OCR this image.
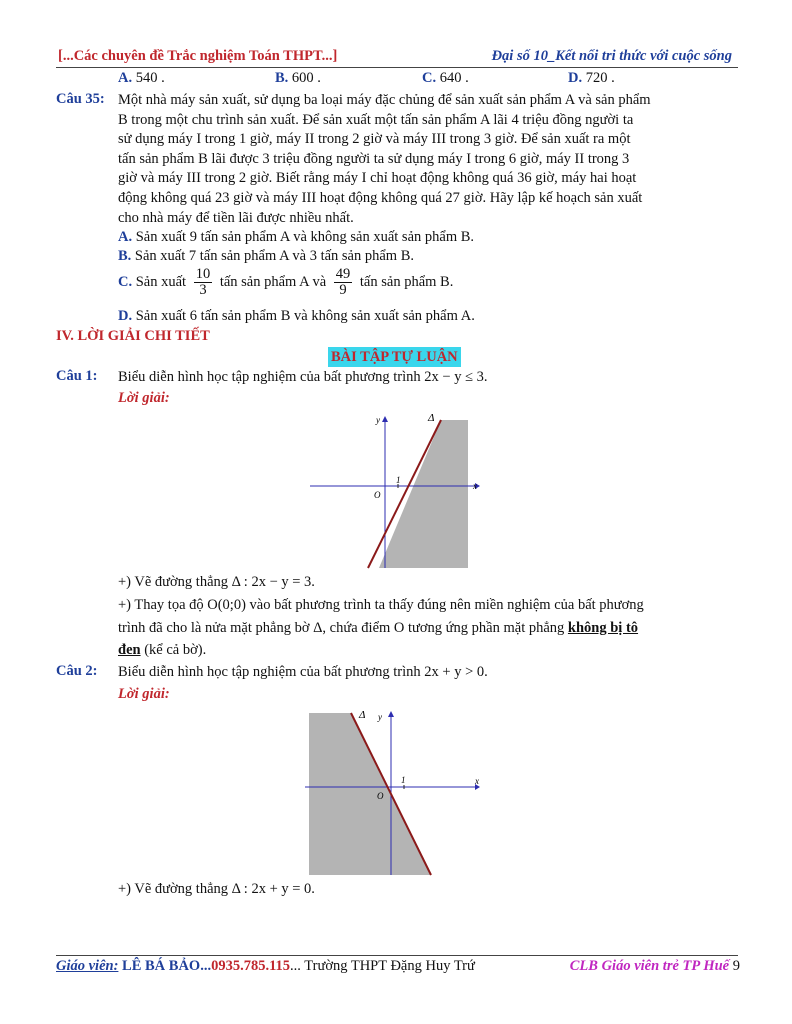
[...Các chuyên đề Trắc nghiệm Toán THPT...]	Đại số 10_Kết nối tri thức với cuộc sống
A. 540 .	B. 600 .	C. 640 .	D. 720 .
Câu 35: Một nhà máy sản xuất, sử dụng ba loại máy đặc chủng để sản xuất sản phẩm A và sản phẩm
B trong một chu trình sản xuất. Để sản xuất một tấn sản phẩm A lãi 4 triệu đồng người ta
sử dụng máy I trong 1 giờ, máy II trong 2 giờ và máy III trong 3 giờ. Để sản xuất ra một
tấn sản phẩm B lãi được 3 triệu đồng người ta sử dụng máy I trong 6 giờ, máy II trong 3
giờ và máy III trong 2 giờ. Biết rằng máy I chỉ hoạt động không quá 36 giờ, máy hai hoạt
động không quá 23 giờ và máy III hoạt động không quá 27 giờ. Hãy lập kế hoạch sản xuất
cho nhà máy để tiền lãi được nhiều nhất.
A. Sản xuất 9 tấn sản phẩm A và không sản xuất sản phẩm B.
B. Sản xuất 7 tấn sản phẩm A và 3 tấn sản phẩm B.
C. Sản xuất $\frac{10}{3}$ tấn sản phẩm A và $\frac{49}{9}$ tấn sản phẩm B.
D. Sản xuất 6 tấn sản phẩm B và không sản xuất sản phẩm A.
IV. LỜI GIẢI CHI TIẾT
BÀI TẬP TỰ LUẬN
Câu 1: Biểu diễn hình học tập nghiệm của bất phương trình 2x − y ≤ 3.
Lời giải:
Δ
y
x
O
1
+) Vẽ đường thẳng Δ : 2x − y = 3.
+) Thay tọa độ O(0;0) vào bất phương trình ta thấy đúng nên miền nghiệm của bất phương
trình đã cho là nửa mặt phẳng bờ Δ, chứa điểm O tương ứng phần mặt phẳng không bị tô
đen (kể cả bờ).
Câu 2: Biểu diễn hình học tập nghiệm của bất phương trình 2x + y > 0.
Lời giải:
Δ y
x
O
1
+) Vẽ đường thẳng Δ : 2x + y = 0.
Giáo viên: LÊ BÁ BẢO...0935.785.115... Trường THPT Đặng Huy Trứ	CLB Giáo viên trẻ TP Huế 9
